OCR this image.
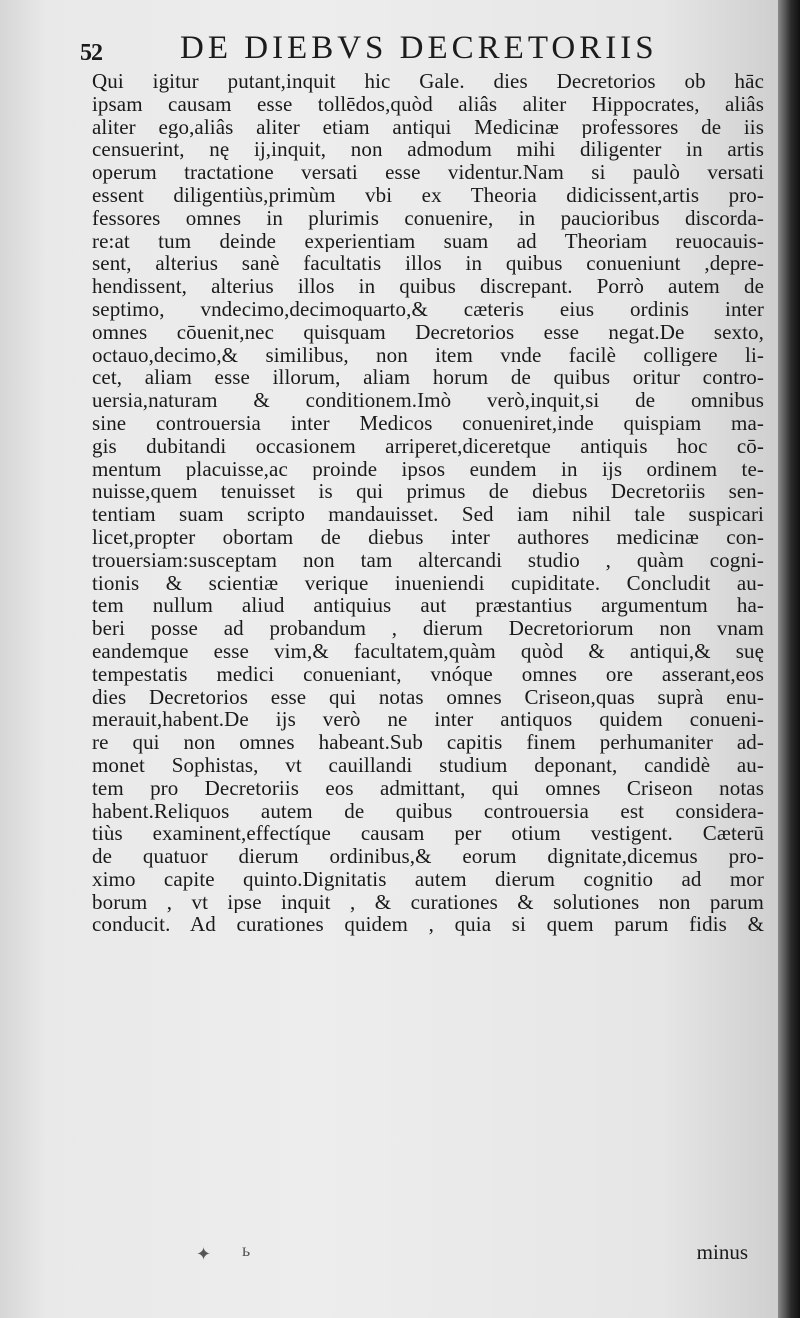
52 DE DIEBVS DECRETORIIS
Qui igitur putant,inquit hic Gale. dies Decretorios ob hāc
ipsam causam esse tollēdos,quòd aliâs aliter Hippocrates, aliâs
aliter ego,aliâs aliter etiam antiqui Medicinæ professores de iis
censuerint, nę ij,inquit, non admodum mihi diligenter in artis
operum tractatione versati esse videntur.Nam si paulò versati
essent diligentiùs,primùm vbi ex Theoria didicissent,artis pro-
fessores omnes in plurimis conuenire, in paucioribus discorda-
re:at tum deinde experientiam suam ad Theoriam reuocauis-
sent, alterius sanè facultatis illos in quibus conueniunt ,depre-
hendissent, alterius illos in quibus discrepant. Porrò autem de
septimo, vndecimo,decimoquarto,& cæteris eius ordinis inter
omnes cōuenit,nec quisquam Decretorios esse negat.De sexto,
octauo,decimo,& similibus, non item vnde facilè colligere li-
cet, aliam esse illorum, aliam horum de quibus oritur contro-
uersia,naturam & conditionem.Imò verò,inquit,si de omnibus
sine controuersia inter Medicos conueniret,inde quispiam ma-
gis dubitandi occasionem arriperet,diceretque antiquis hoc cō-
mentum placuisse,ac proinde ipsos eundem in ijs ordinem te-
nuisse,quem tenuisset is qui primus de diebus Decretoriis sen-
tentiam suam scripto mandauisset. Sed iam nihil tale suspicari
licet,propter obortam de diebus inter authores medicinæ con-
trouersiam:susceptam non tam altercandi studio , quàm cogni-
tionis & scientiæ verique inueniendi cupiditate. Concludit au-
tem nullum aliud antiquius aut præstantius argumentum ha-
beri posse ad probandum , dierum Decretoriorum non vnam
eandemque esse vim,& facultatem,quàm quòd & antiqui,& suę
tempestatis medici conueniant, vnóque omnes ore asserant,eos
dies Decretorios esse qui notas omnes Criseon,quas suprà enu-
merauit,habent.De ijs verò ne inter antiquos quidem conueni-
re qui non omnes habeant.Sub capitis finem perhumaniter ad-
monet Sophistas, vt cauillandi studium deponant, candidè au-
tem pro Decretoriis eos admittant, qui omnes Criseon notas
habent.Reliquos autem de quibus controuersia est considera-
tiùs examinent,effectíque causam per otium vestigent. Cæterū
de quatuor dierum ordinibus,& eorum dignitate,dicemus pro-
ximo capite quinto.Dignitatis autem dierum cognitio ad mor
borum , vt ipse inquit , & curationes & solutiones non parum
conducit. Ad curationes quidem , quia si quem parum fidis &
minus
✦ ь
